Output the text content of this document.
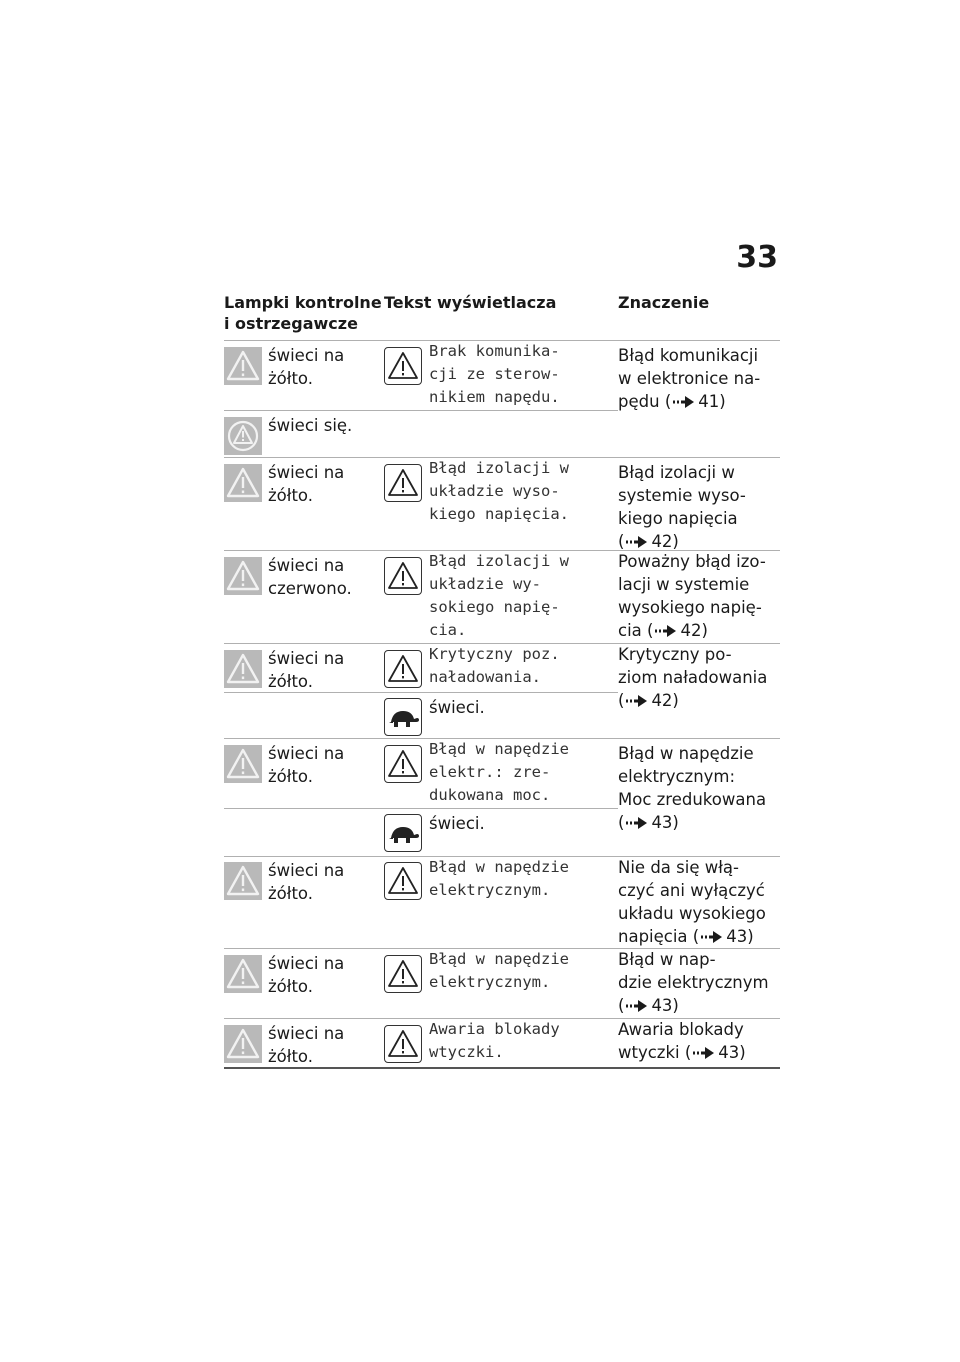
33
Lampki kontrolne i ostrzegawcze
Tekst wyświetlacza	Znaczenie
świeci na żółto.
Brak komunika-
cji ze sterow-
nikiem napędu.
Błąd komunikacji
w elektronice na-
pędu ( 41)
świeci się.
świeci na żółto.
Błąd izolacji w
układzie wyso-
kiego napięcia.
Błąd izolacji w
systemie wyso-
kiego napięcia
( 42)
świeci na czerwono.
Błąd izolacji w
układzie wy-
sokiego napię-
cia.
Poważny błąd izo-
lacji w systemie
wysokiego napię-
cia ( 42)
świeci na żółto.
Krytyczny poz.
naładowania.
Krytyczny po-
ziom naładowania
( 42)
świeci.
świeci na żółto.
Błąd w napędzie
elektr.: zre-
dukowana moc.
Błąd w napędzie
elektrycznym:
Moc zredukowana
( 43)
świeci.
świeci na żółto.
Błąd w napędzie
elektrycznym.
Nie da się włą-
czyć ani wyłączyć
układu wysokiego
napięcia ( 43)
świeci na żółto.
Błąd w napędzie
elektrycznym.
Błąd w nap-
dzie elektrycznym
( 43)
świeci na żółto.
Awaria blokady
wtyczki.
Awaria blokady
wtyczki ( 43)
